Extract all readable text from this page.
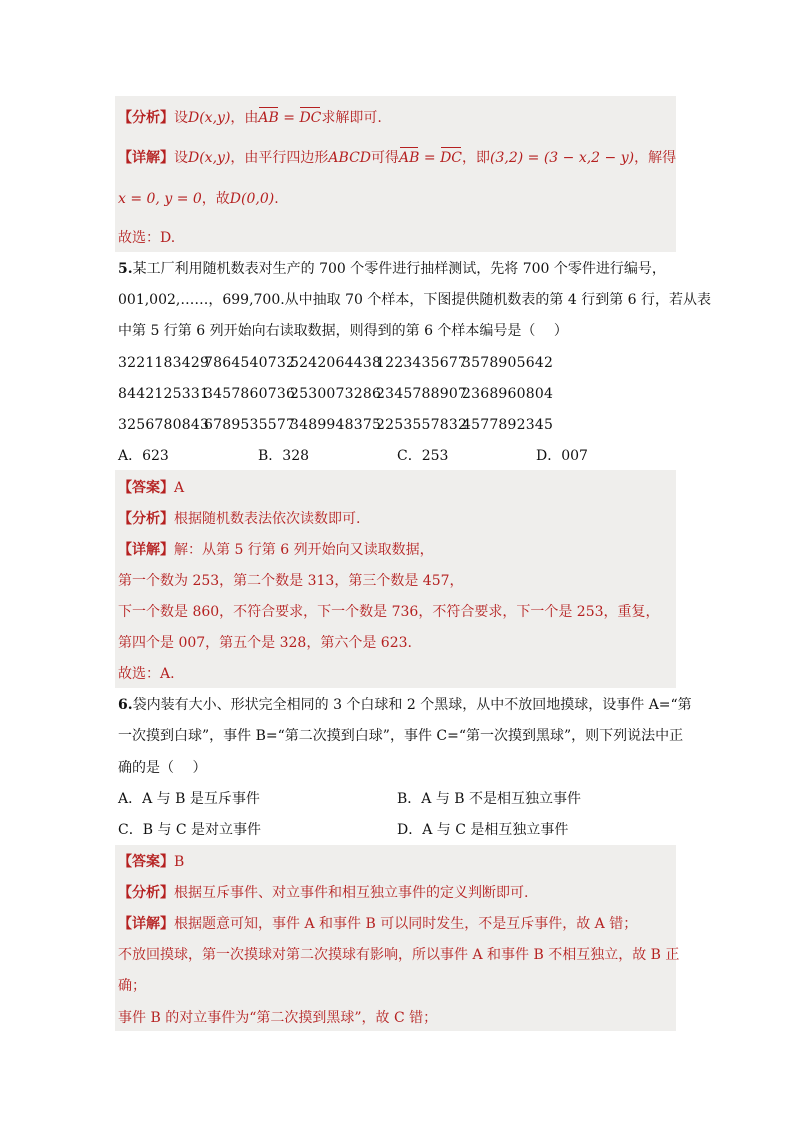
【分析】设D(x,y)，由AB = DC求解即可.
【详解】设D(x,y)，由平行四边形ABCD可得AB = DC，即(3,2) = (3 − x,2 − y)，解得
x = 0, y = 0，故D(0,0).
故选：D.
5.某工厂利用随机数表对生产的 700 个零件进行抽样测试，先将 700 个零件进行编号，
001,002,……，699,700.从中抽取 70 个样本，下图提供随机数表的第 4 行到第 6 行，若从表
中第 5 行第 6 列开始向右读取数据，则得到的第 6 个样本编号是（　 ）
32211834297864540732524206443812234356773578905642
84421253313457860736253007328623457889072368960804
32567808436789535577348994837522535578324577892345
A．623	B．328	C．253	D．007
【答案】A
【分析】根据随机数表法依次读数即可.
【详解】解：从第 5 行第 6 列开始向又读取数据，
第一个数为 253，第二个数是 313，第三个数是 457，
下一个数是 860，不符合要求，下一个数是 736，不符合要求，下一个是 253，重复，
第四个是 007，第五个是 328，第六个是 623.
故选：A.
6.袋内装有大小、形状完全相同的 3 个白球和 2 个黑球，从中不放回地摸球，设事件 A=“第
一次摸到白球”，事件 B=“第二次摸到白球”，事件 C=“第一次摸到黑球”，则下列说法中正
确的是（　 ）
A．A 与 B 是互斥事件	B．A 与 B 不是相互独立事件
C．B 与 C 是对立事件	D．A 与 C 是相互独立事件
【答案】B
【分析】根据互斥事件、对立事件和相互独立事件的定义判断即可.
【详解】根据题意可知，事件 A 和事件 B 可以同时发生，不是互斥事件，故 A 错；
不放回摸球，第一次摸球对第二次摸球有影响，所以事件 A 和事件 B 不相互独立，故 B 正
确；
事件 B 的对立事件为“第二次摸到黑球”，故 C 错；
